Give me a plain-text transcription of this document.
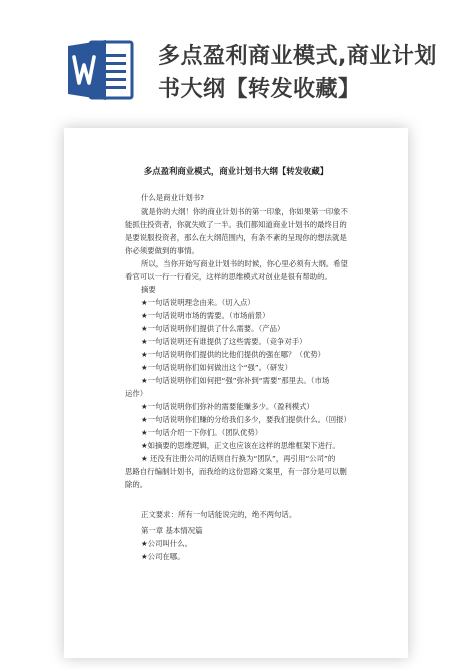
多点盈利商业模式,商业计划
书大纲【转发收藏】
多点盈利商业模式，商业计划书大纲【转发收藏】
什么是商业计划书?
就是你的大纲！你的商业计划书的第一印象，你如果第一印象不
能抓住投资者，你就失败了一半。我们都知道商业计划书的最终目的
是要说服投资者，那么在大纲范围内，有条不紊的呈现你的想法就是
你必须要做到的事情。
所以，当你开始写商业计划书的时候，你心里必须有大纲。希望
看官可以一行一行看完，这样的思维模式对创业是很有帮助的。
摘要
★一句话说明理念由来。（切入点）
★一句话说明市场的需要。（市场前景）
★一句话说明你们提供了什么需要。（产品）
★一句话说明还有谁提供了这些需要。（竞争对手）
★一句话说明你们提供的比他们提供的强在哪？（优势）
★一句话说明你们如何做出这个“强”。（研发）
★一句话说明你们如何把“强”弥补到“需要”那里去。（市场
运作）
★一句话说明你们弥补的需要能赚多少。（盈利模式）
★一句话说明你们赚的分给我们多少，要我们提供什么。（回报）
★一句话介绍一下你们。（团队优势）
★如摘要的思维逻辑，正文也应该在这样的思维框架下进行。
★ 还没有注册公司的话则自行换为“团队”，再引用“公司”的
思路自行编制计划书，而我给的这份思路文案里，有一部分是可以删
除的。
正文要求：所有一句话能说完的，绝不两句话。
第一章 基本情况篇
★公司叫什么。
★公司在哪。
